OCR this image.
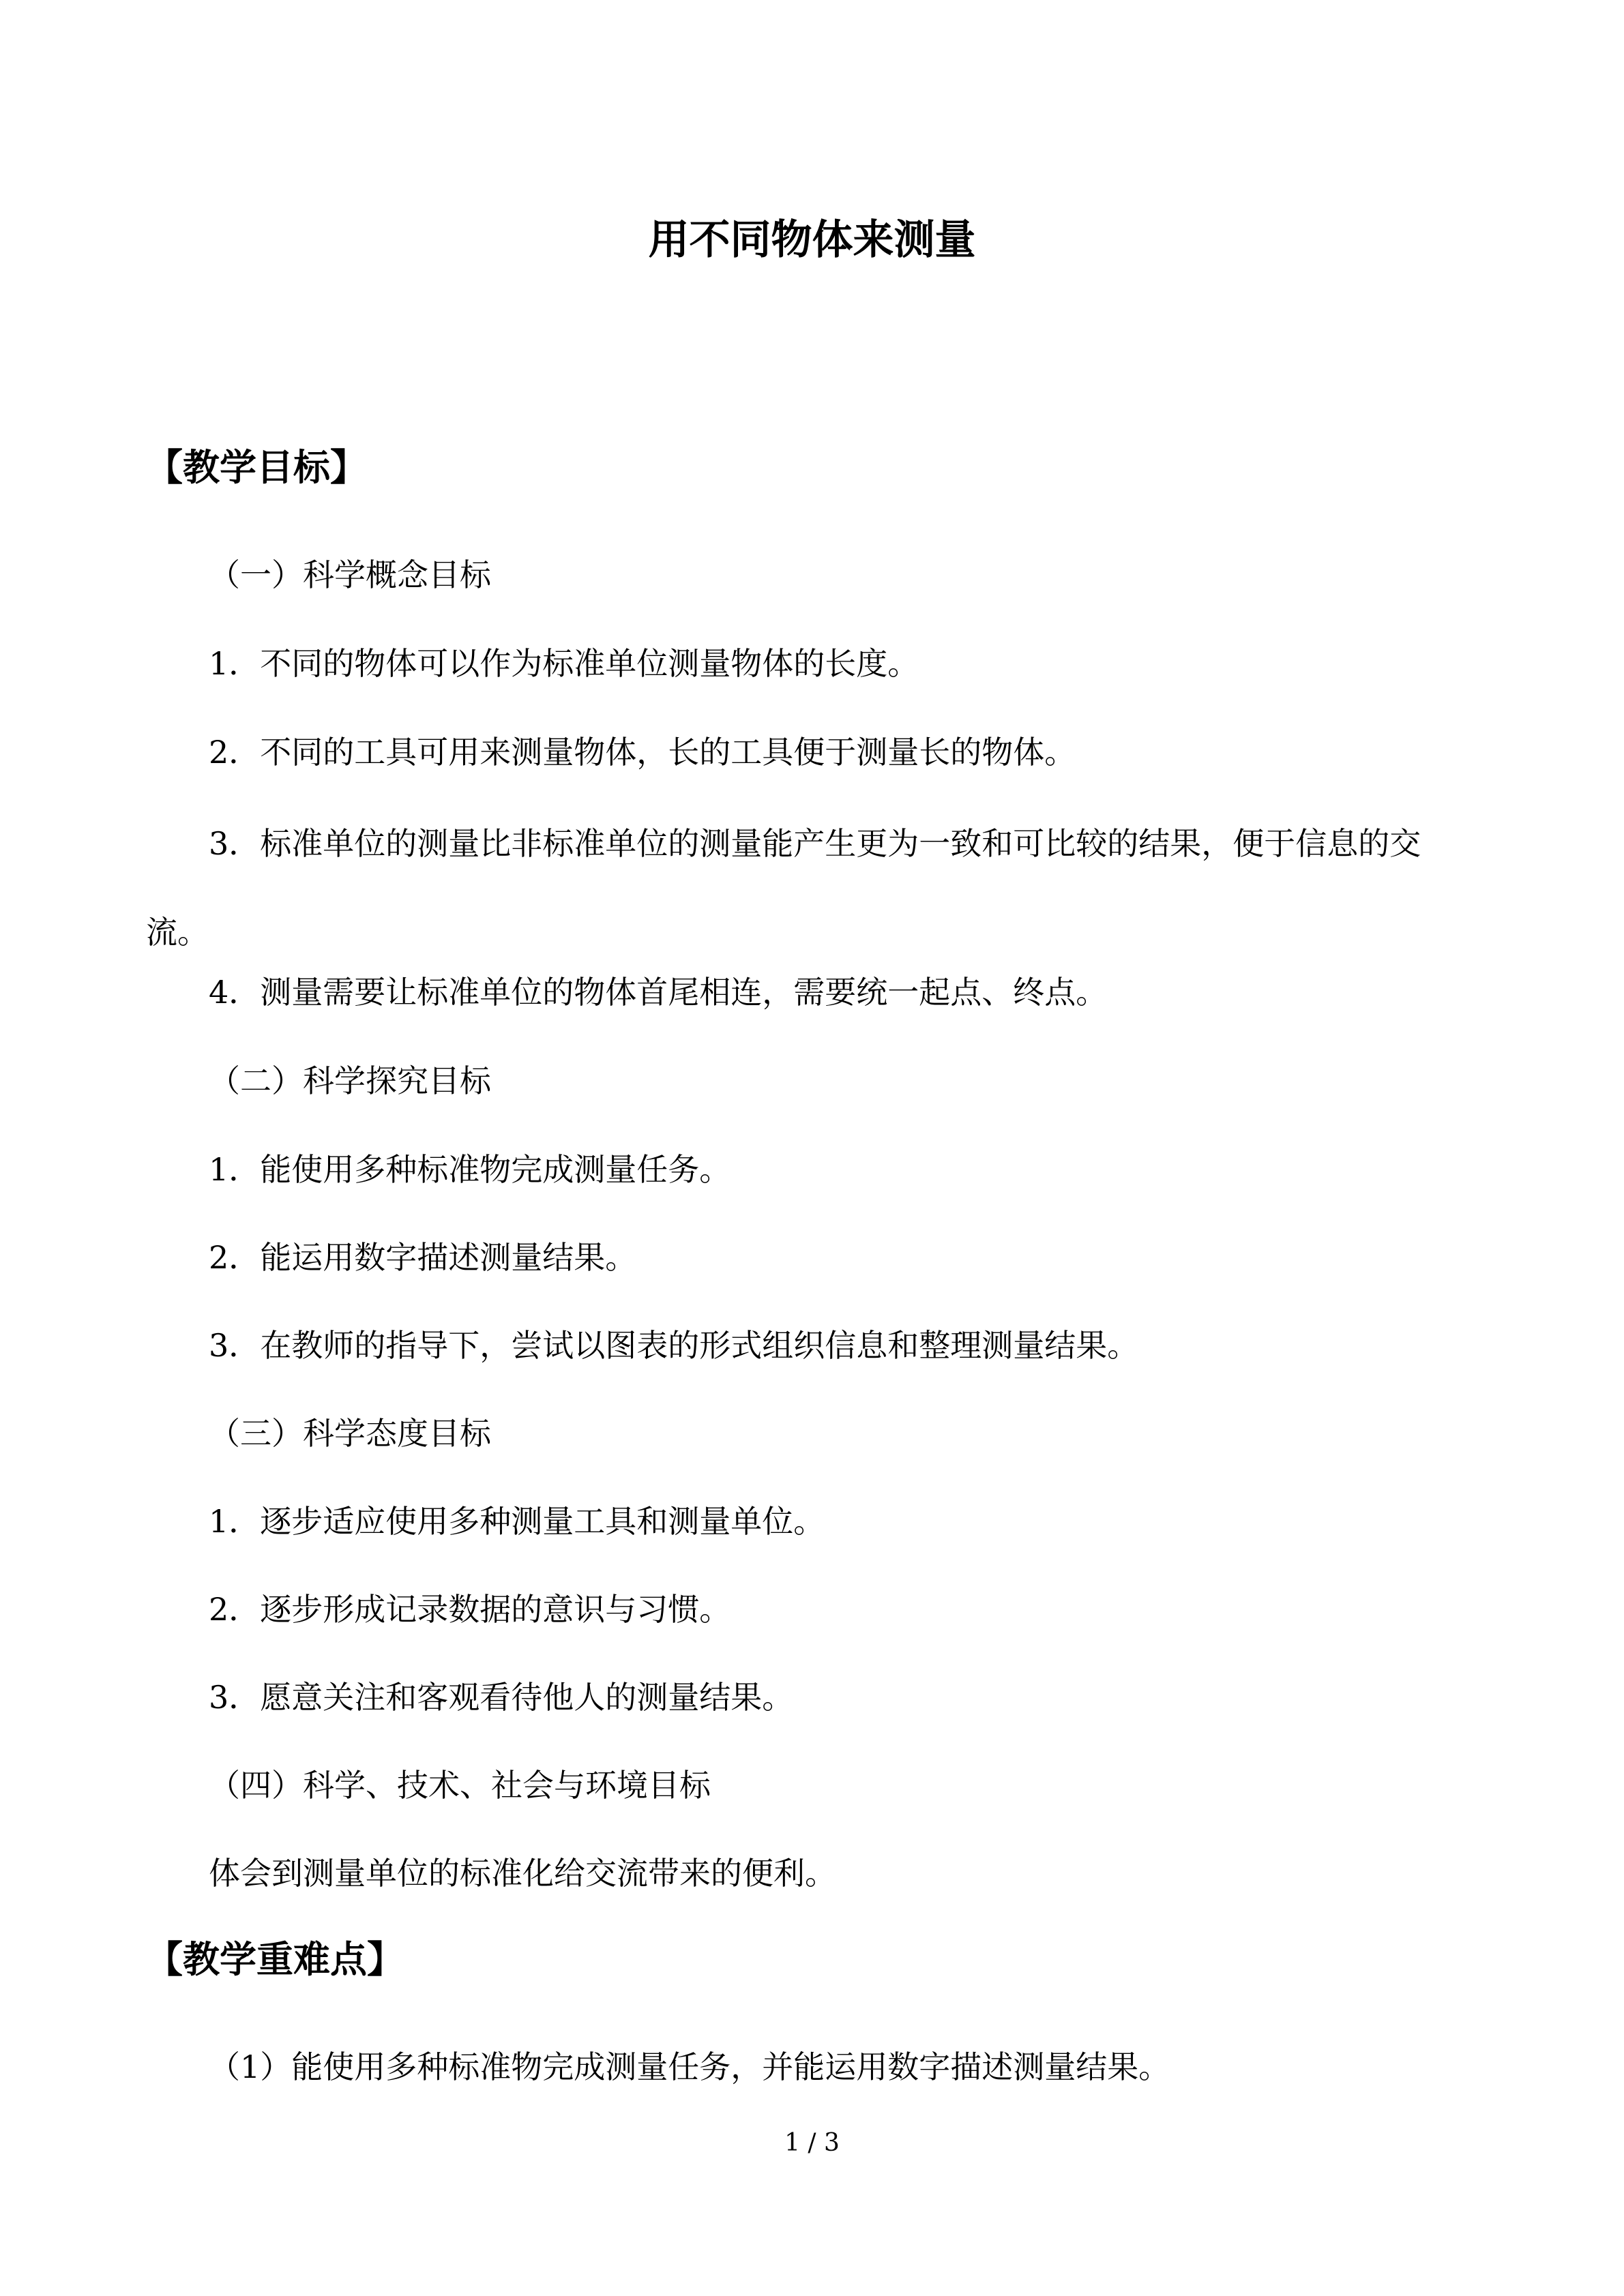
用不同物体来测量
【教学目标】

（一）科学概念目标

1．不同的物体可以作为标准单位测量物体的长度。

2．不同的工具可用来测量物体，长的工具便于测量长的物体。

3．标准单位的测量比非标准单位的测量能产生更为一致和可比较的结果，便于信息的交流。

4．测量需要让标准单位的物体首尾相连，需要统一起点、终点。

（二）科学探究目标

1．能使用多种标准物完成测量任务。

2．能运用数字描述测量结果。

3．在教师的指导下，尝试以图表的形式组织信息和整理测量结果。

（三）科学态度目标

1．逐步适应使用多种测量工具和测量单位。

2．逐步形成记录数据的意识与习惯。

3．愿意关注和客观看待他人的测量结果。

（四）科学、技术、社会与环境目标

体会到测量单位的标准化给交流带来的便利。

【教学重难点】

（1）能使用多种标准物完成测量任务，并能运用数字描述测量结果。

1 / 3
